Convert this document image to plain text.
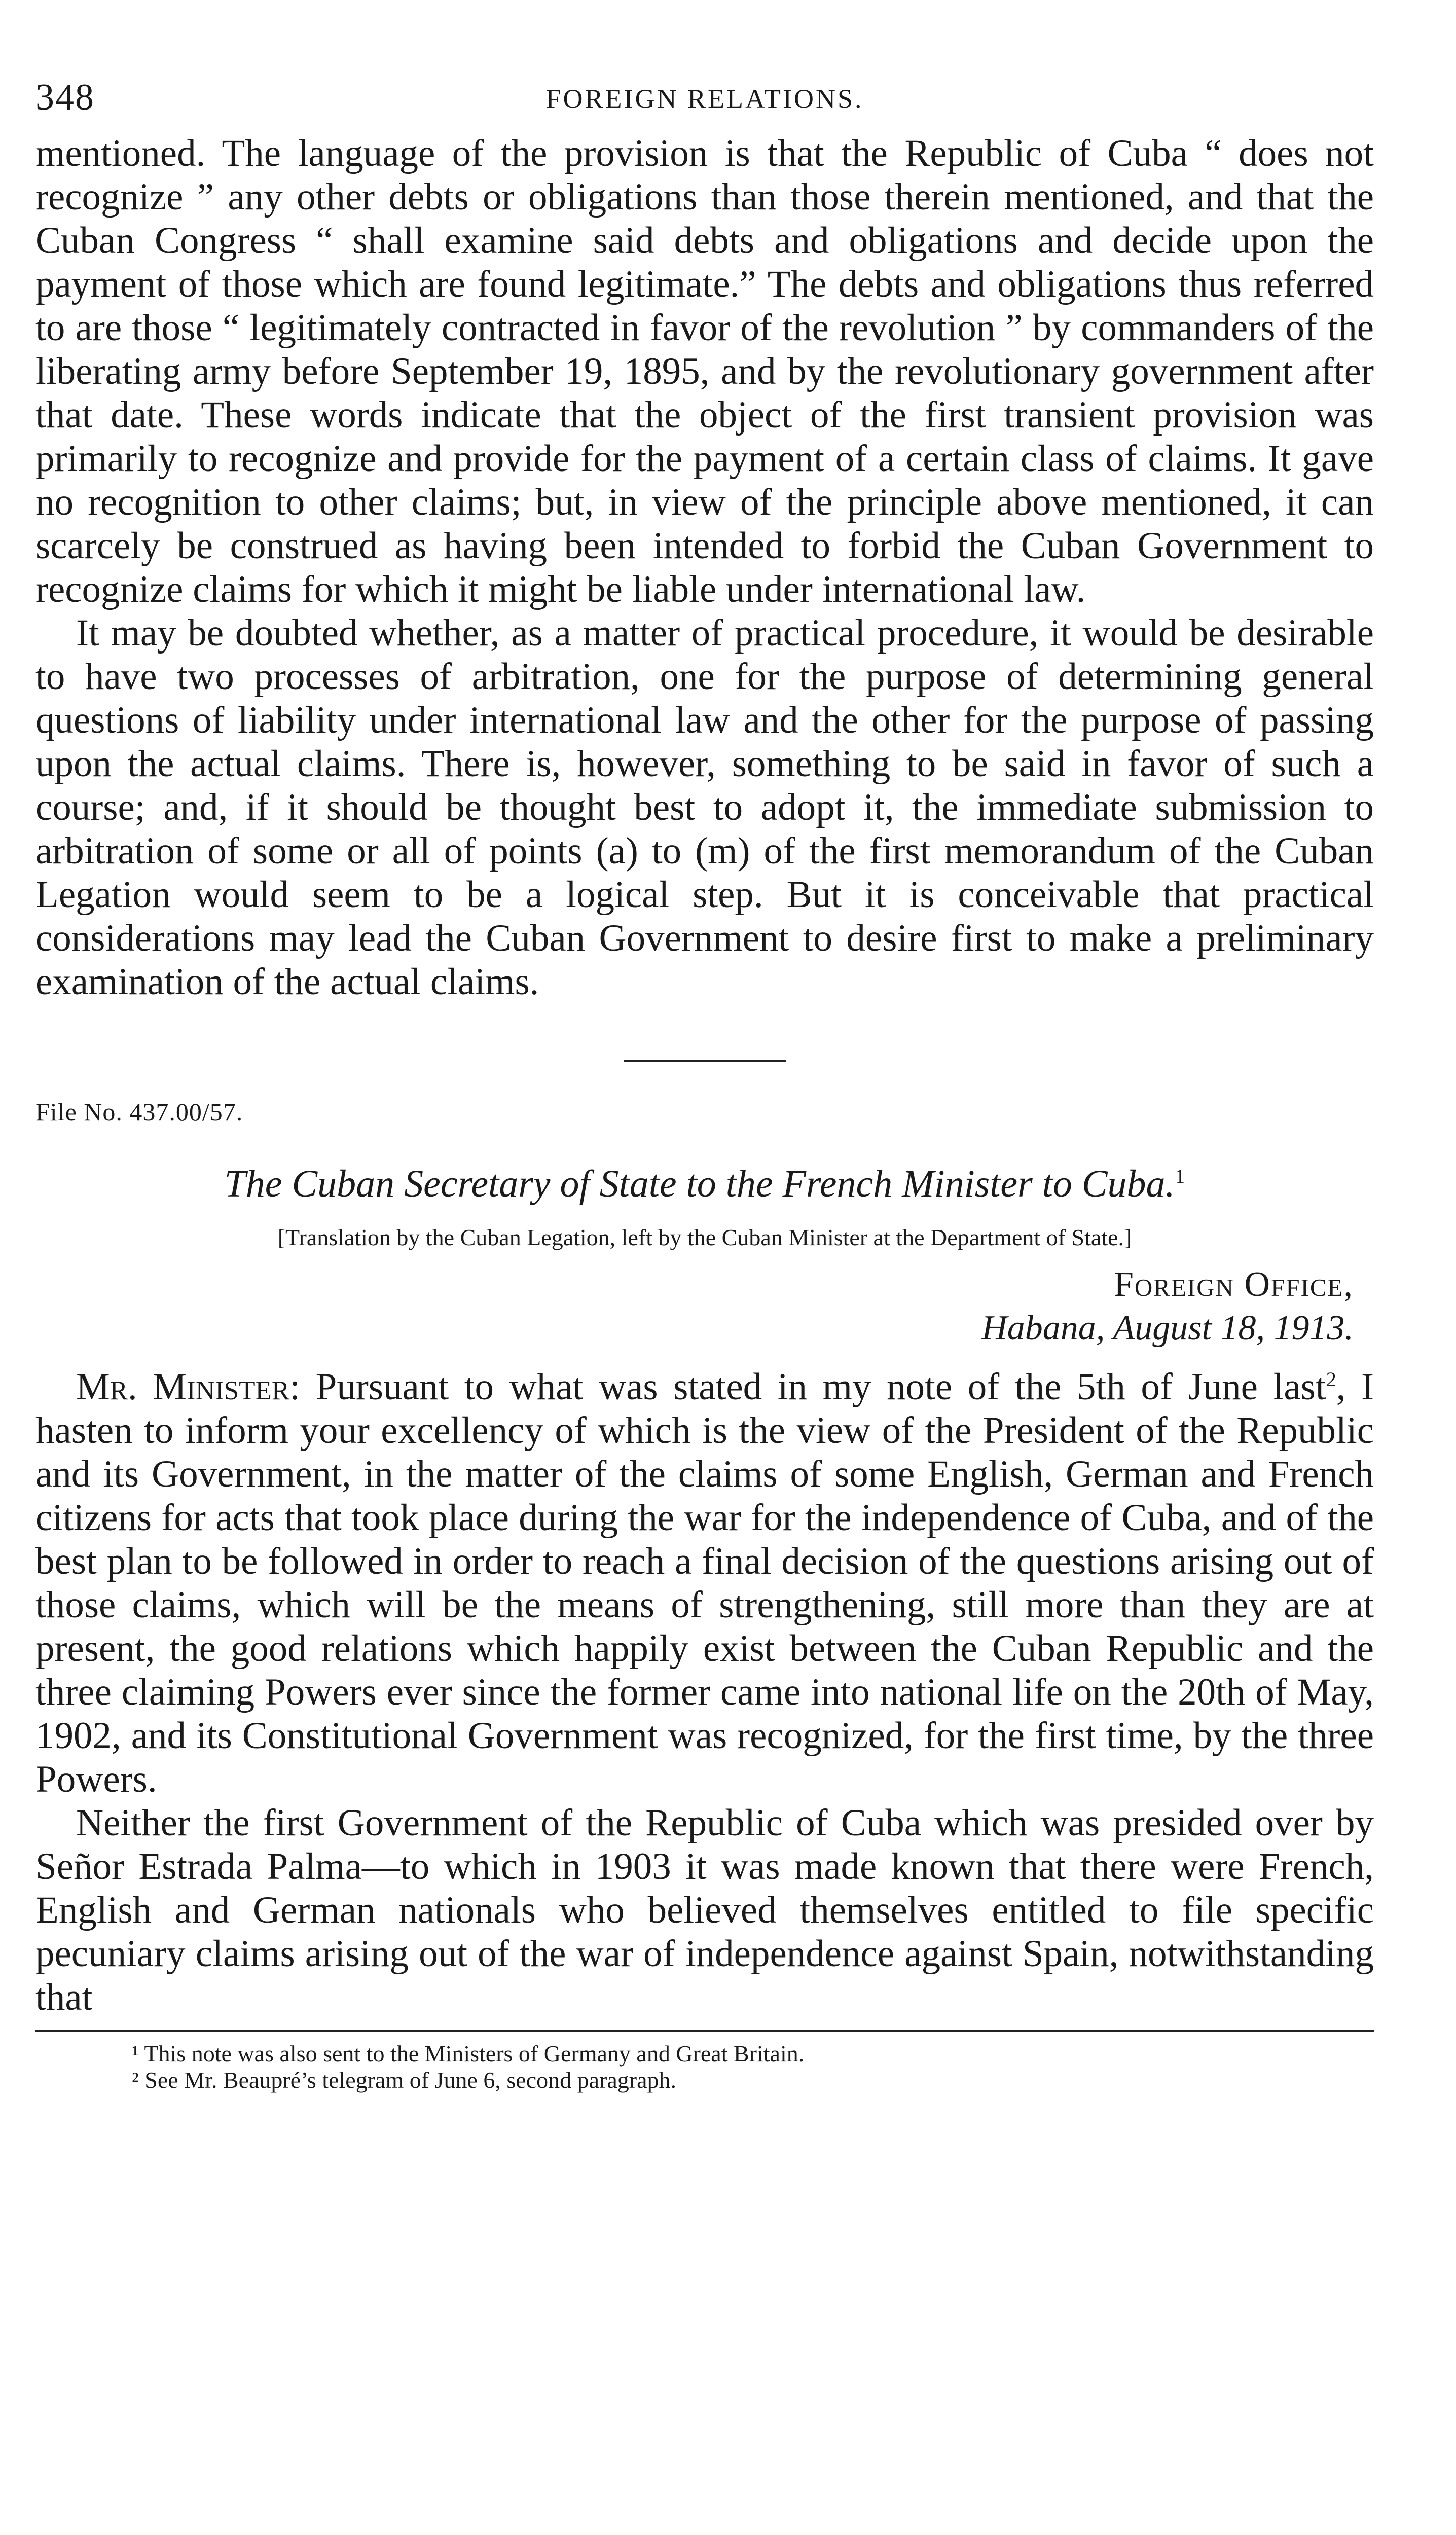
348	FOREIGN RELATIONS.

mentioned. The language of the provision is that the Republic of Cuba “ does not recognize ” any other debts or obligations than those therein mentioned, and that the Cuban Congress “ shall examine said debts and obligations and decide upon the payment of those which are found legitimate.” The debts and obligations thus referred to are those “ legitimately contracted in favor of the revolution ” by commanders of the liberating army before September 19, 1895, and by the revolutionary government after that date. These words indicate that the object of the first transient provision was primarily to recognize and provide for the payment of a certain class of claims. It gave no recognition to other claims; but, in view of the principle above mentioned, it can scarcely be construed as having been intended to forbid the Cuban Government to recognize claims for which it might be liable under international law.

It may be doubted whether, as a matter of practical procedure, it would be desirable to have two processes of arbitration, one for the purpose of determining general questions of liability under international law and the other for the purpose of passing upon the actual claims. There is, however, something to be said in favor of such a course; and, if it should be thought best to adopt it, the immediate submission to arbitration of some or all of points (a) to (m) of the first memorandum of the Cuban Legation would seem to be a logical step. But it is conceivable that practical considerations may lead the Cuban Government to desire first to make a preliminary examination of the actual claims.

File No. 437.00/57.
The Cuban Secretary of State to the French Minister to Cuba.$^1$
[Translation by the Cuban Legation, left by the Cuban Minister at the Department of State.]
Foreign Office,
Habana, August 18, 1913.

Mr. Minister: Pursuant to what was stated in my note of the 5th of June last$^2$, I hasten to inform your excellency of which is the view of the President of the Republic and its Government, in the matter of the claims of some English, German and French citizens for acts that took place during the war for the independence of Cuba, and of the best plan to be followed in order to reach a final decision of the questions arising out of those claims, which will be the means of strengthening, still more than they are at present, the good relations which happily exist between the Cuban Republic and the three claiming Powers ever since the former came into national life on the 20th of May, 1902, and its Constitutional Government was recognized, for the first time, by the three Powers.

Neither the first Government of the Republic of Cuba which was presided over by Señor Estrada Palma—to which in 1903 it was made known that there were French, English and German nationals who believed themselves entitled to file specific pecuniary claims arising out of the war of independence against Spain, notwithstanding that

¹ This note was also sent to the Ministers of Germany and Great Britain.
² See Mr. Beaupré’s telegram of June 6, second paragraph.
